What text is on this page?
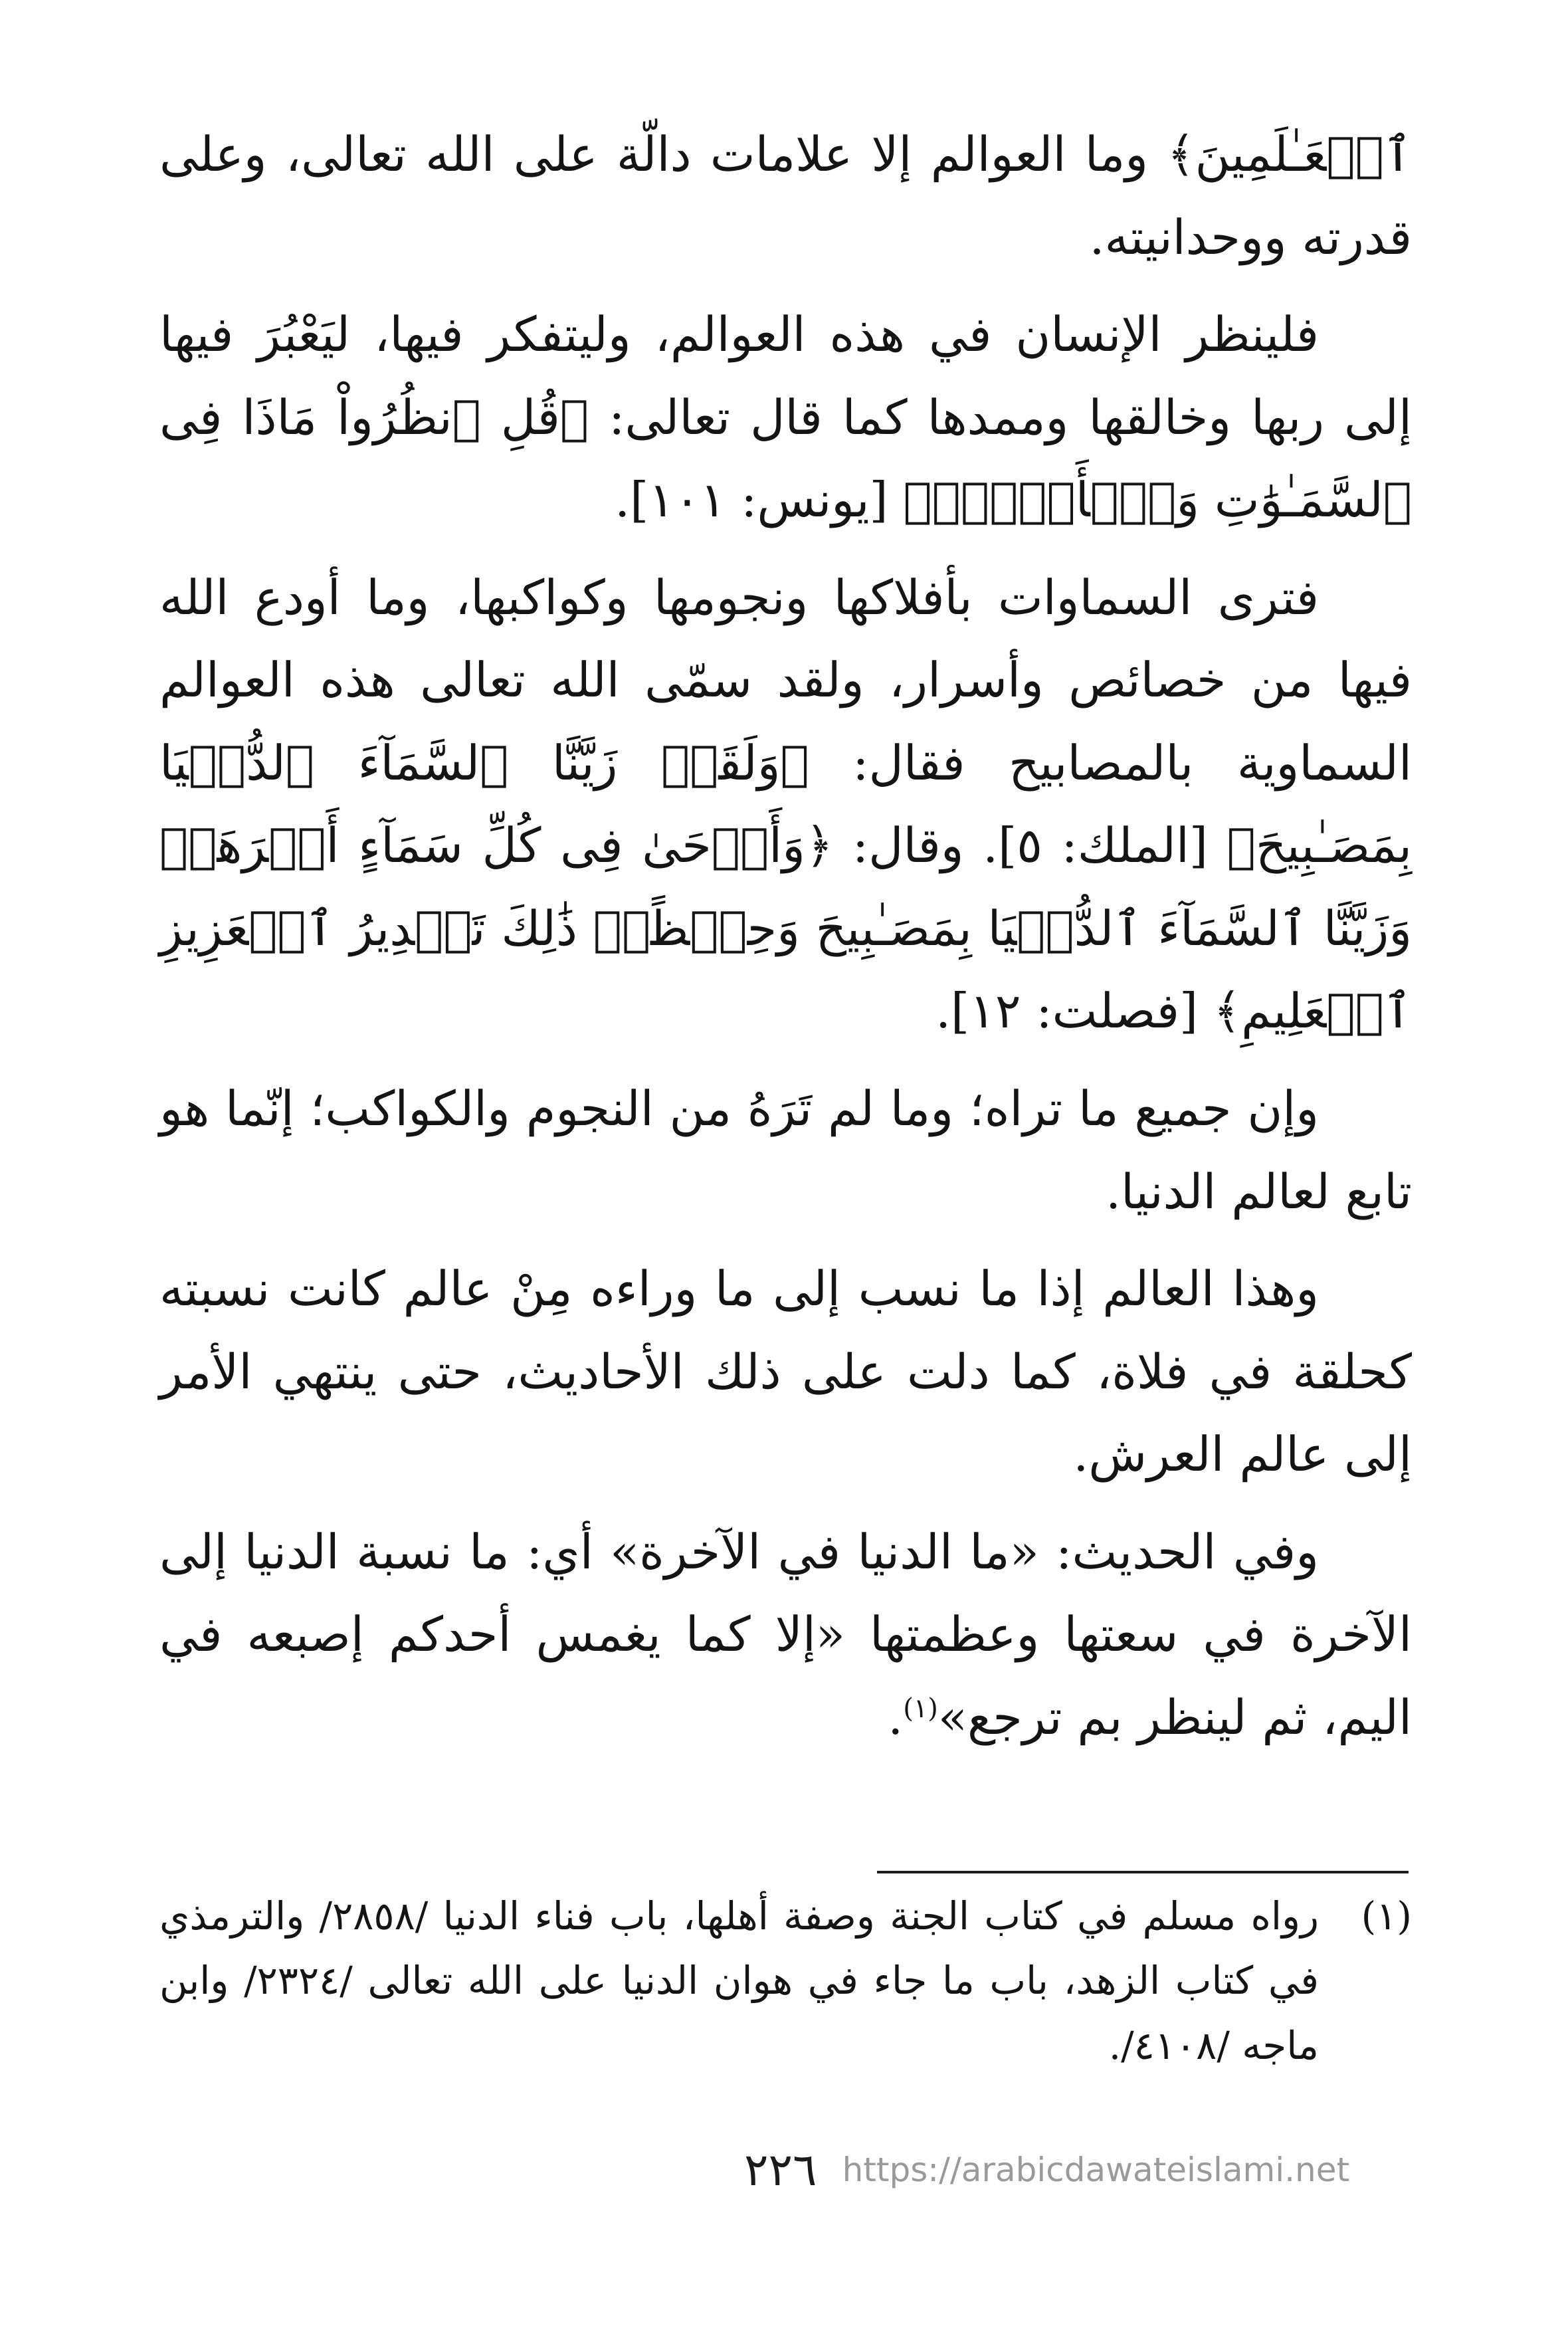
ٱلۡعَـٰلَمِينَ﴾ وما العوالم إلا علامات دالّة على الله تعالى، وعلى قدرته ووحدانيته.

فلينظر الإنسان في هذه العوالم، وليتفكر فيها، ليَعْبُرَ فيها إلى ربها وخالقها وممدها كما قال تعالى: ﴿قُلِ ٱنظُرُواْ مَاذَا فِى ٱلسَّمَـٰوَٰتِ وَٱلۡأَرۡضِۚ﴾ [يونس: ١٠١].

فترى السماوات بأفلاكها ونجومها وكواكبها، وما أودع الله فيها من خصائص وأسرار، ولقد سمّى الله تعالى هذه العوالم السماوية بالمصابيح فقال: ﴿وَلَقَدۡ زَيَّنَّا ٱلسَّمَآءَ ٱلدُّنۡيَا بِمَصَـٰبِيحَ﴾ [الملك: ٥]. وقال: ﴿وَأَوۡحَىٰ فِى كُلِّ سَمَآءٍ أَمۡرَهَاۚ وَزَيَّنَّا ٱلسَّمَآءَ ٱلدُّنۡيَا بِمَصَـٰبِيحَ وَحِفۡظًاۚ ذَٰلِكَ تَقۡدِيرُ ٱلۡعَزِيزِ ٱلۡعَلِيمِ﴾ [فصلت: ١٢].

وإن جميع ما تراه؛ وما لم تَرَهُ من النجوم والكواكب؛ إنّما هو تابع لعالم الدنيا.

وهذا العالم إذا ما نسب إلى ما وراءه مِنْ عالم كانت نسبته كحلقة في فلاة، كما دلت على ذلك الأحاديث، حتى ينتهي الأمر إلى عالم العرش.

وفي الحديث: «ما الدنيا في الآخرة» أي: ما نسبة الدنيا إلى الآخرة في سعتها وعظمتها «إلا كما يغمس أحدكم إصبعه في اليم، ثم لينظر بم ترجع»$^{(١)}$.

(١)
رواه مسلم في كتاب الجنة وصفة أهلها، باب فناء الدنيا /٢٨٥٨/ والترمذي في كتاب الزهد، باب ما جاء في هوان الدنيا على الله تعالى /٢٣٢٤/ وابن ماجه /٤١٠٨/.
٢٢٦ https://arabicdawateislami.net
